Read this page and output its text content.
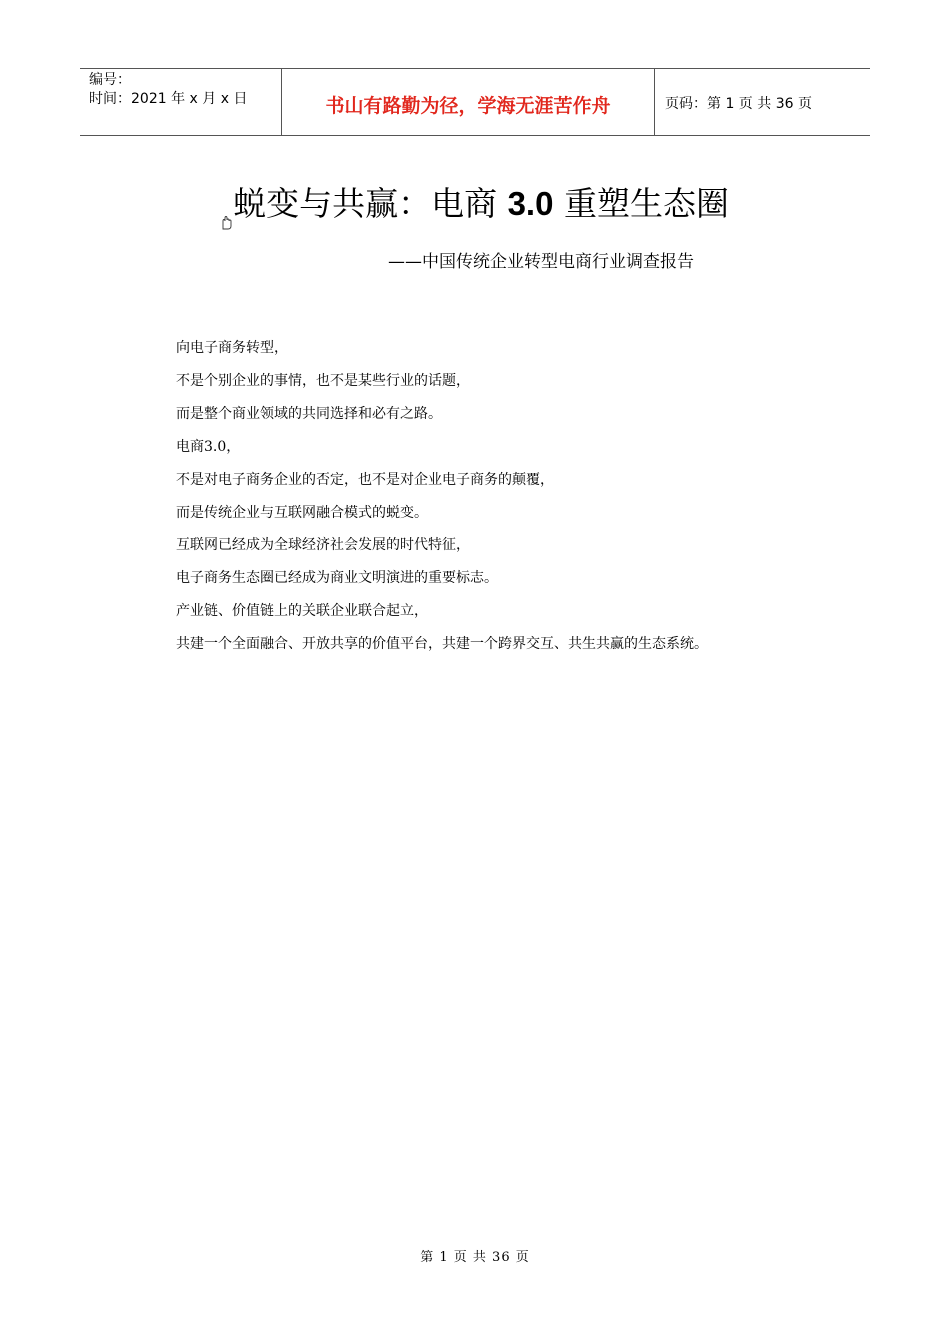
编号：
时间：2021 年 x 月 x 日	书山有路勤为径，学海无涯苦作舟	页码：第 1 页 共 36 页
蜕变与共赢：电商 3.0 重塑生态圈
——中国传统企业转型电商行业调查报告
向电子商务转型，
不是个别企业的事情，也不是某些行业的话题，
而是整个商业领域的共同选择和必有之路。
电商3.0，
不是对电子商务企业的否定，也不是对企业电子商务的颠覆，
而是传统企业与互联网融合模式的蜕变。
互联网已经成为全球经济社会发展的时代特征，
电子商务生态圈已经成为商业文明演进的重要标志。
产业链、价值链上的关联企业联合起立，
共建一个全面融合、开放共享的价值平台，共建一个跨界交互、共生共赢的生态系统。
第 1 页 共 36 页
